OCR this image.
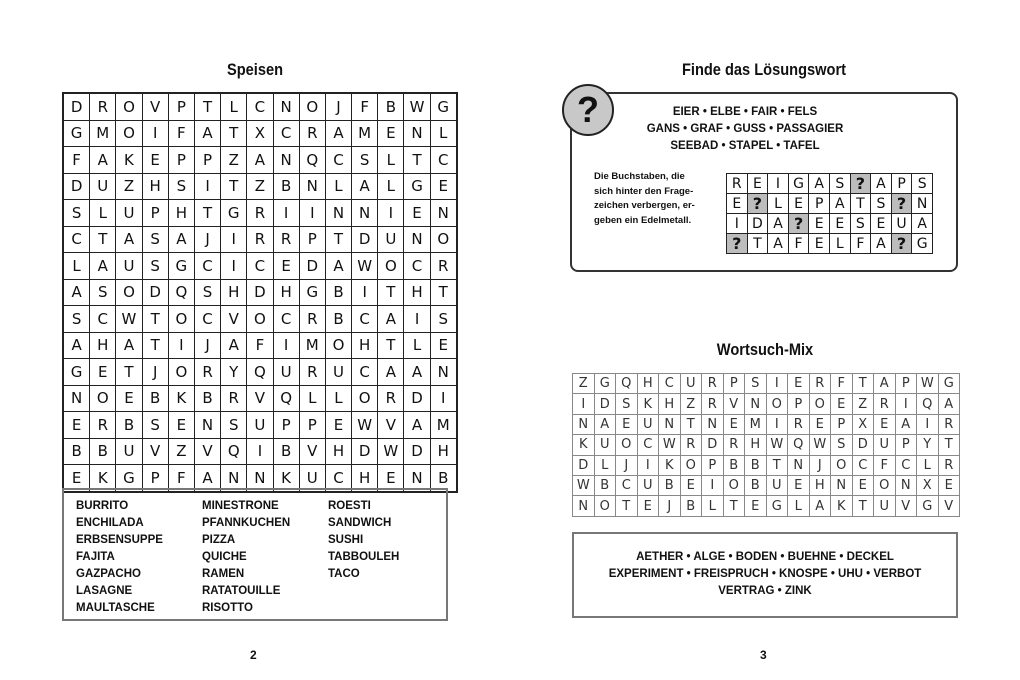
Speisen
D	R	O	V	P	T	L	C	N	O	J	F	B	W	G
G	M	O	I	F	A	T	X	C	R	A	M	E	N	L
F	A	K	E	P	P	Z	A	N	Q	C	S	L	T	C
D	U	Z	H	S	I	T	Z	B	N	L	A	L	G	E
S	L	U	P	H	T	G	R	I	I	N	N	I	E	N
C	T	A	S	A	J	I	R	R	P	T	D	U	N	O
L	A	U	S	G	C	I	C	E	D	A	W	O	C	R
A	S	O	D	Q	S	H	D	H	G	B	I	T	H	T
S	C	W	T	O	C	V	O	C	R	B	C	A	I	S
A	H	A	T	I	J	A	F	I	M	O	H	T	L	E
G	E	T	J	O	R	Y	Q	U	R	U	C	A	A	N
N	O	E	B	K	B	R	V	Q	L	L	O	R	D	I
E	R	B	S	E	N	S	U	P	P	E	W	V	A	M
B	B	U	V	Z	V	Q	I	B	V	H	D	W	D	H
E	K	G	P	F	A	N	N	K	U	C	H	E	N	B
BURRITO
ENCHILADA
ERBSENSUPPE
FAJITA
GAZPACHO
LASAGNE
MAULTASCHE
MINESTRONE
PFANNKUCHEN
PIZZA
QUICHE
RAMEN
RATATOUILLE
RISOTTO
ROESTI
SANDWICH
SUSHI
TABBOULEH
TACO
2
Finde das Lösungswort
?	EIER • ELBE • FAIR • FELS
GANS • GRAF • GUSS • PASSAGIER
SEEBAD • STAPEL • TAFEL
Die Buchstaben, die
sich hinter den Frage-
zeichen verbergen, er-
geben ein Edelmetall.
R	E	I	G	A	S	?	A	P	S
E	?	L	E	P	A	T	S	?	N
I	D	A	?	E	E	S	E	U	A
?	T	A	F	E	L	F	A	?	G
Wortsuch-Mix
Z	G	Q	H	C	U	R	P	S	I	E	R	F	T	A	P	W	G
I	D	S	K	H	Z	R	V	N	O	P	O	E	Z	R	I	Q	A
N	A	E	U	N	T	N	E	M	I	R	E	P	X	E	A	I	R
K	U	O	C	W	R	D	R	H	W	Q	W	S	D	U	P	Y	T
D	L	J	I	K	O	P	B	B	T	N	J	O	C	F	C	L	R
W	B	C	U	B	E	I	O	B	U	E	H	N	E	O	N	X	E
N	O	T	E	J	B	L	T	E	G	L	A	K	T	U	V	G	V
AETHER • ALGE • BODEN • BUEHNE • DECKEL
EXPERIMENT • FREISPRUCH • KNOSPE • UHU • VERBOT
VERTRAG • ZINK
3
